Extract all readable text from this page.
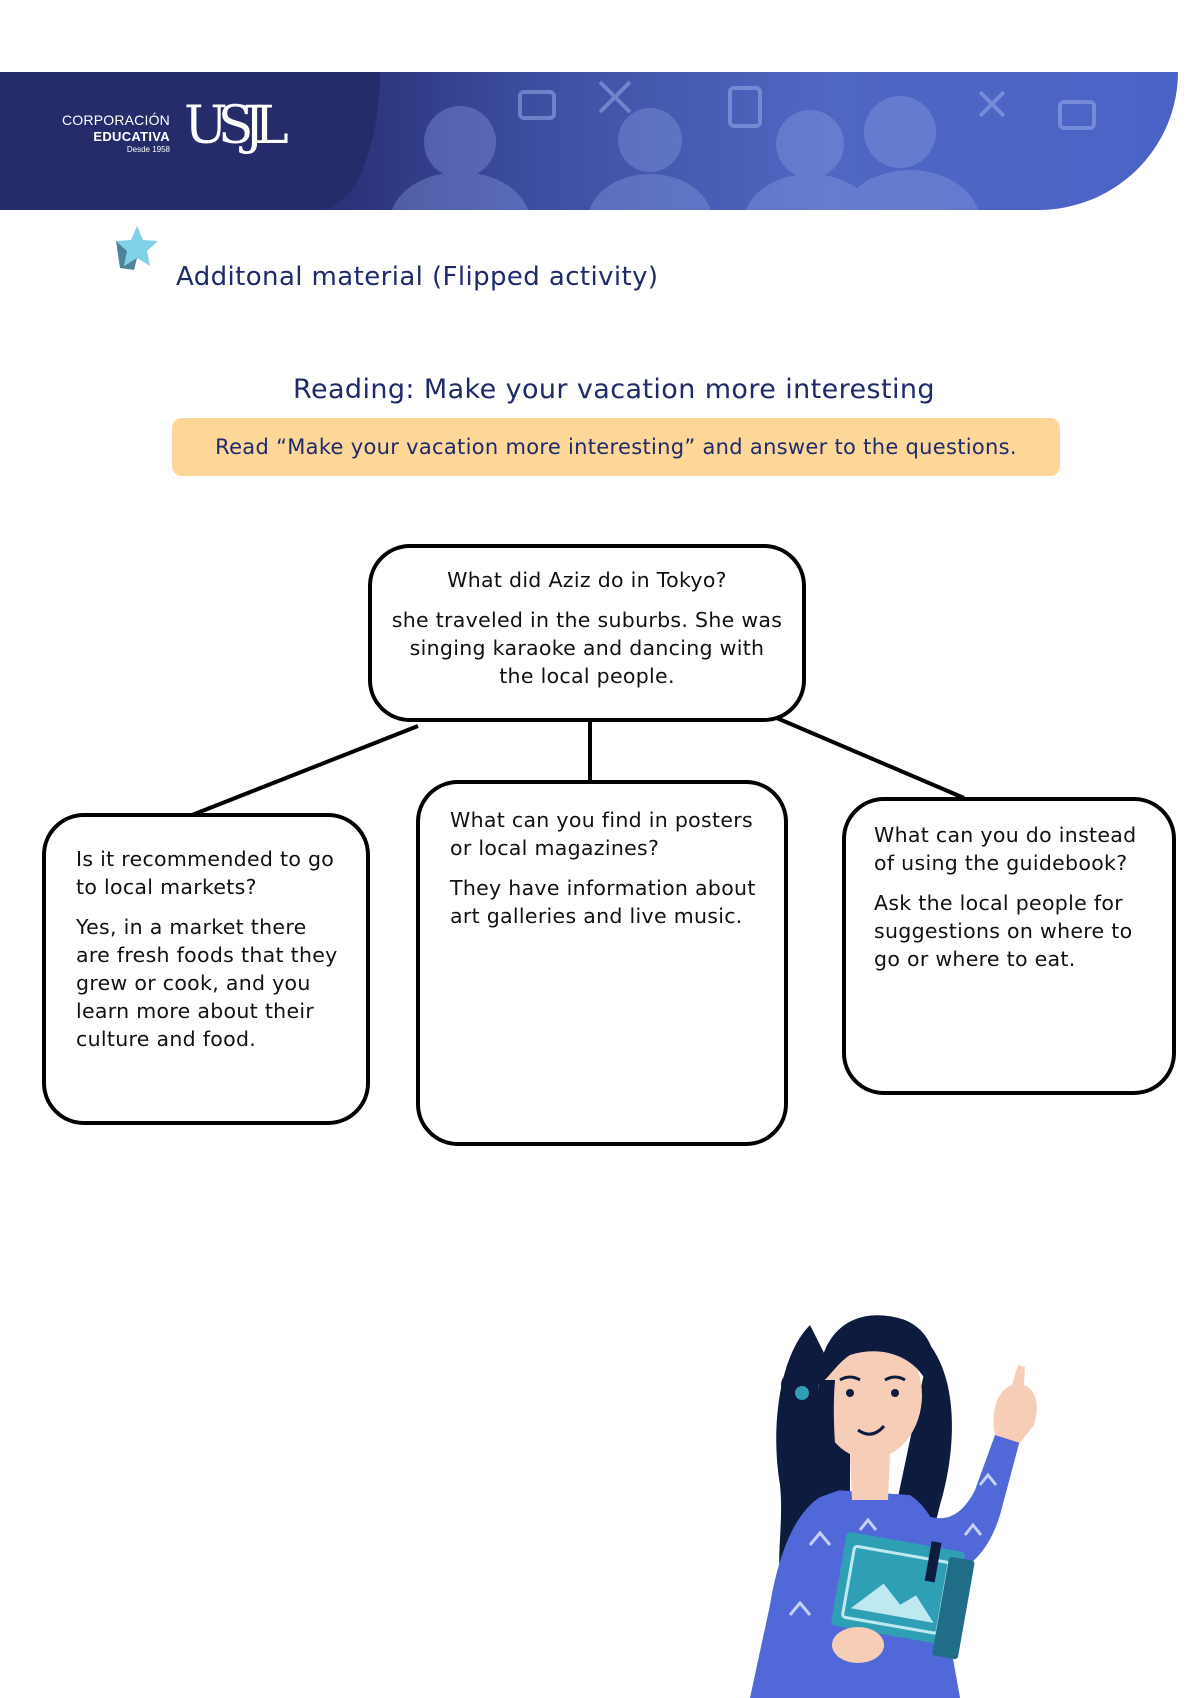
CORPORACIÓN
EDUCATIVA
Desde 1958 USJL
Additonal material (Flipped activity)
Reading: Make your vacation more interesting
Read “Make your vacation more interesting” and answer to the questions.

What did Aziz do in Tokyo?

she traveled in the suburbs. She was singing karaoke and dancing with the local people.

Is it recommended to go to local markets?

Yes, in a market there are fresh foods that they grew or cook, and you learn more about their culture and food.

What can you find in posters or local magazines?

They have information about art galleries and live music.

What can you do instead of using the guidebook?

Ask the local people for suggestions on where to go or where to eat.
